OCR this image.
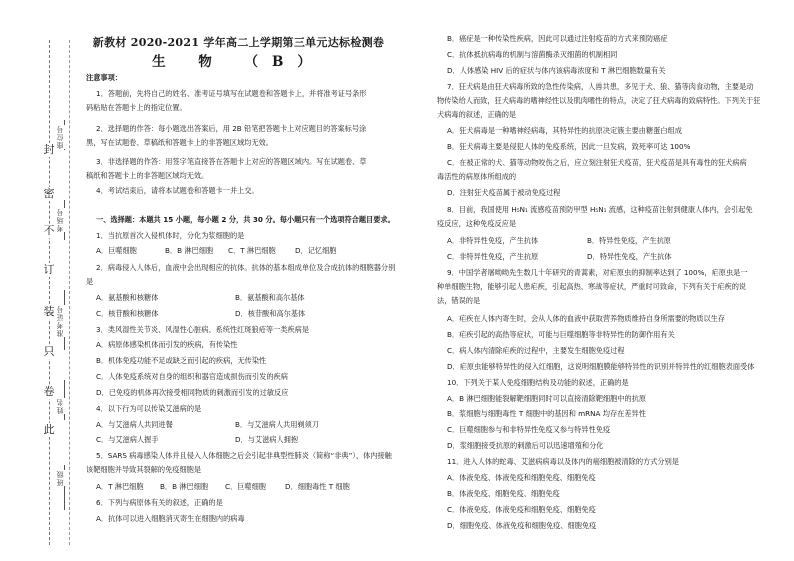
封
密
不
订
装
只
卷
此
座位号
考场号
准考证号
姓名
班级
新教材 2020-2021 学年高二上学期第三单元达标检测卷
生 物 （B）
注意事项：
1．答题前，先将自己的姓名、准考证号填写在试题卷和答题卡上，并将准考证号条形
码粘贴在答题卡上的指定位置。
2．选择题的作答：每小题选出答案后，用 2B 铅笔把答题卡上对应题目的答案标号涂
黑，写在试题卷、草稿纸和答题卡上的非答题区域均无效。
3．非选择题的作答：用签字笔直接答在答题卡上对应的答题区域内。写在试题卷、草
稿纸和答题卡上的非答题区域均无效。
4．考试结束后，请将本试题卷和答题卡一并上交。
一、选择题：本题共 15 小题，每小题 2 分，共 30 分。每小题只有一个选项符合题目要求。
1．当抗原首次入侵机体时，分化为浆细胞的是
A．巨噬细胞	B．B 淋巴细胞 C．T 淋巴细胞	D．记忆细胞
2．病毒侵入人体后，血液中会出现相应的抗体。抗体的基本组成单位及合成抗体的细胞器分别
是
A．氨基酸和核糖体	B．氨基酸和高尔基体
C．核苷酸和核糖体	D．核苷酸和高尔基体
3．类风湿性关节炎、风湿性心脏病、系统性红斑狼疮等一类疾病是
A．病原体感染机体而引发的疾病，有传染性
B．机体免疫功能不足或缺乏而引起的疾病，无传染性
C．人体免疫系统对自身的组织和器官造成损伤而引发的疾病
D．已免疫的机体再次接受相同物质的刺激而引发的过敏反应
4．以下行为可以传染艾滋病的是
A．与艾滋病人共同进餐	B．与艾滋病人共用剃须刀
C．与艾滋病人握手	D．与艾滋病人拥抱
5．SARS 病毒感染人体并且侵入人体细胞之后会引起非典型性肺炎（简称“非典”），体内接触
该靶细胞并导致其裂解的免疫细胞是
A．T 淋巴细胞 B．B 淋巴细胞 C．巨噬细胞	D．细胞毒性 T 细胞
6．下列与病原体有关的叙述，正确的是
A．抗体可以进入细胞消灭寄生在细胞内的病毒
B．癌症是一种传染性疾病，因此可以通过注射疫苗的方式来预防癌症
C．抗体抵抗病毒的机制与溶菌酶杀灭细菌的机制相同
D．人体感染 HIV 后的症状与体内该病毒浓度和 T 淋巴细胞数量有关
7．狂犬病是由狂犬病毒所致的急性传染病，人兽共患，多见于犬、狼、猫等肉食动物，主要是动
物传染给人而致，狂犬病毒的嗜神经性以及肌肉嗜性的特点，决定了狂犬病毒的致病特性。下列关于狂
犬病毒的叙述，正确的是
A．狂犬病毒是一种嗜神经病毒，其特异性的抗原决定簇主要由糖蛋白组成
B．狂犬病毒主要是侵犯人体的免疫系统，因此一旦发病，致死率可达 100%
C．在被正常的犬、猫等动物咬伤之后，应立刻注射狂犬疫苗，狂犬疫苗是具有毒性的狂犬病病
毒活性的病原体所组成的
D．注射狂犬疫苗属于被动免疫过程
8．目前，我国使用 H₅N₁ 流感疫苗预防甲型 H₅N₁ 流感，这种疫苗注射到健康人体内，会引起免
疫反应，这种免疫反应是
A．非特异性免疫，产生抗体	B．特异性免疫，产生抗原
C．非特异性免疫，产生抗原	D．特异性免疫，产生抗体
9．中国学者屠呦呦先生数几十年研究的青蒿素，对疟原虫的抑制率达到了 100%，疟原虫是一
种单细胞生物，能够引起人患疟疾，引起高热、寒战等症状，严重时可致命，下列有关于疟疾的说
法，错误的是
A．疟疾在人体内寄生时，会从人体的血液中获取营养物质维持自身所需要的物质以生存
B．疟疾引起的高热等症状，可能与巨噬细胞等非特异性的防御作用有关
C．病人体内清除疟疾的过程中，主要发生细胞免疫过程
D．疟原虫能够特异性的侵入红细胞，这说明细胞膜能够特异性的识别并特异性的红细胞表面受体
10．下列关于某人免疫细胞结构及功能的叙述，正确的是
A．B 淋巴细胞能裂解靶细胞同时可以直接清除靶细胞中的抗原
B．浆细胞与细胞毒性 T 细胞中的基因和 mRNA 均存在差异性
C．巨噬细胞参与和非特异性免疫又参与特异性免疫
D．浆细胞接受抗原的刺激后可以迅速增殖和分化
11．进入人体的蛇毒、艾滋病病毒以及体内的癌细胞被清除的方式分别是
A．体液免疫、体液免疫和细胞免疫、细胞免疫
B．体液免疫、细胞免疫、细胞免疫
C．体液免疫、体液免疫和细胞免疫、细胞免疫
D．细胞免疫、体液免疫和细胞免疫、细胞免疫
